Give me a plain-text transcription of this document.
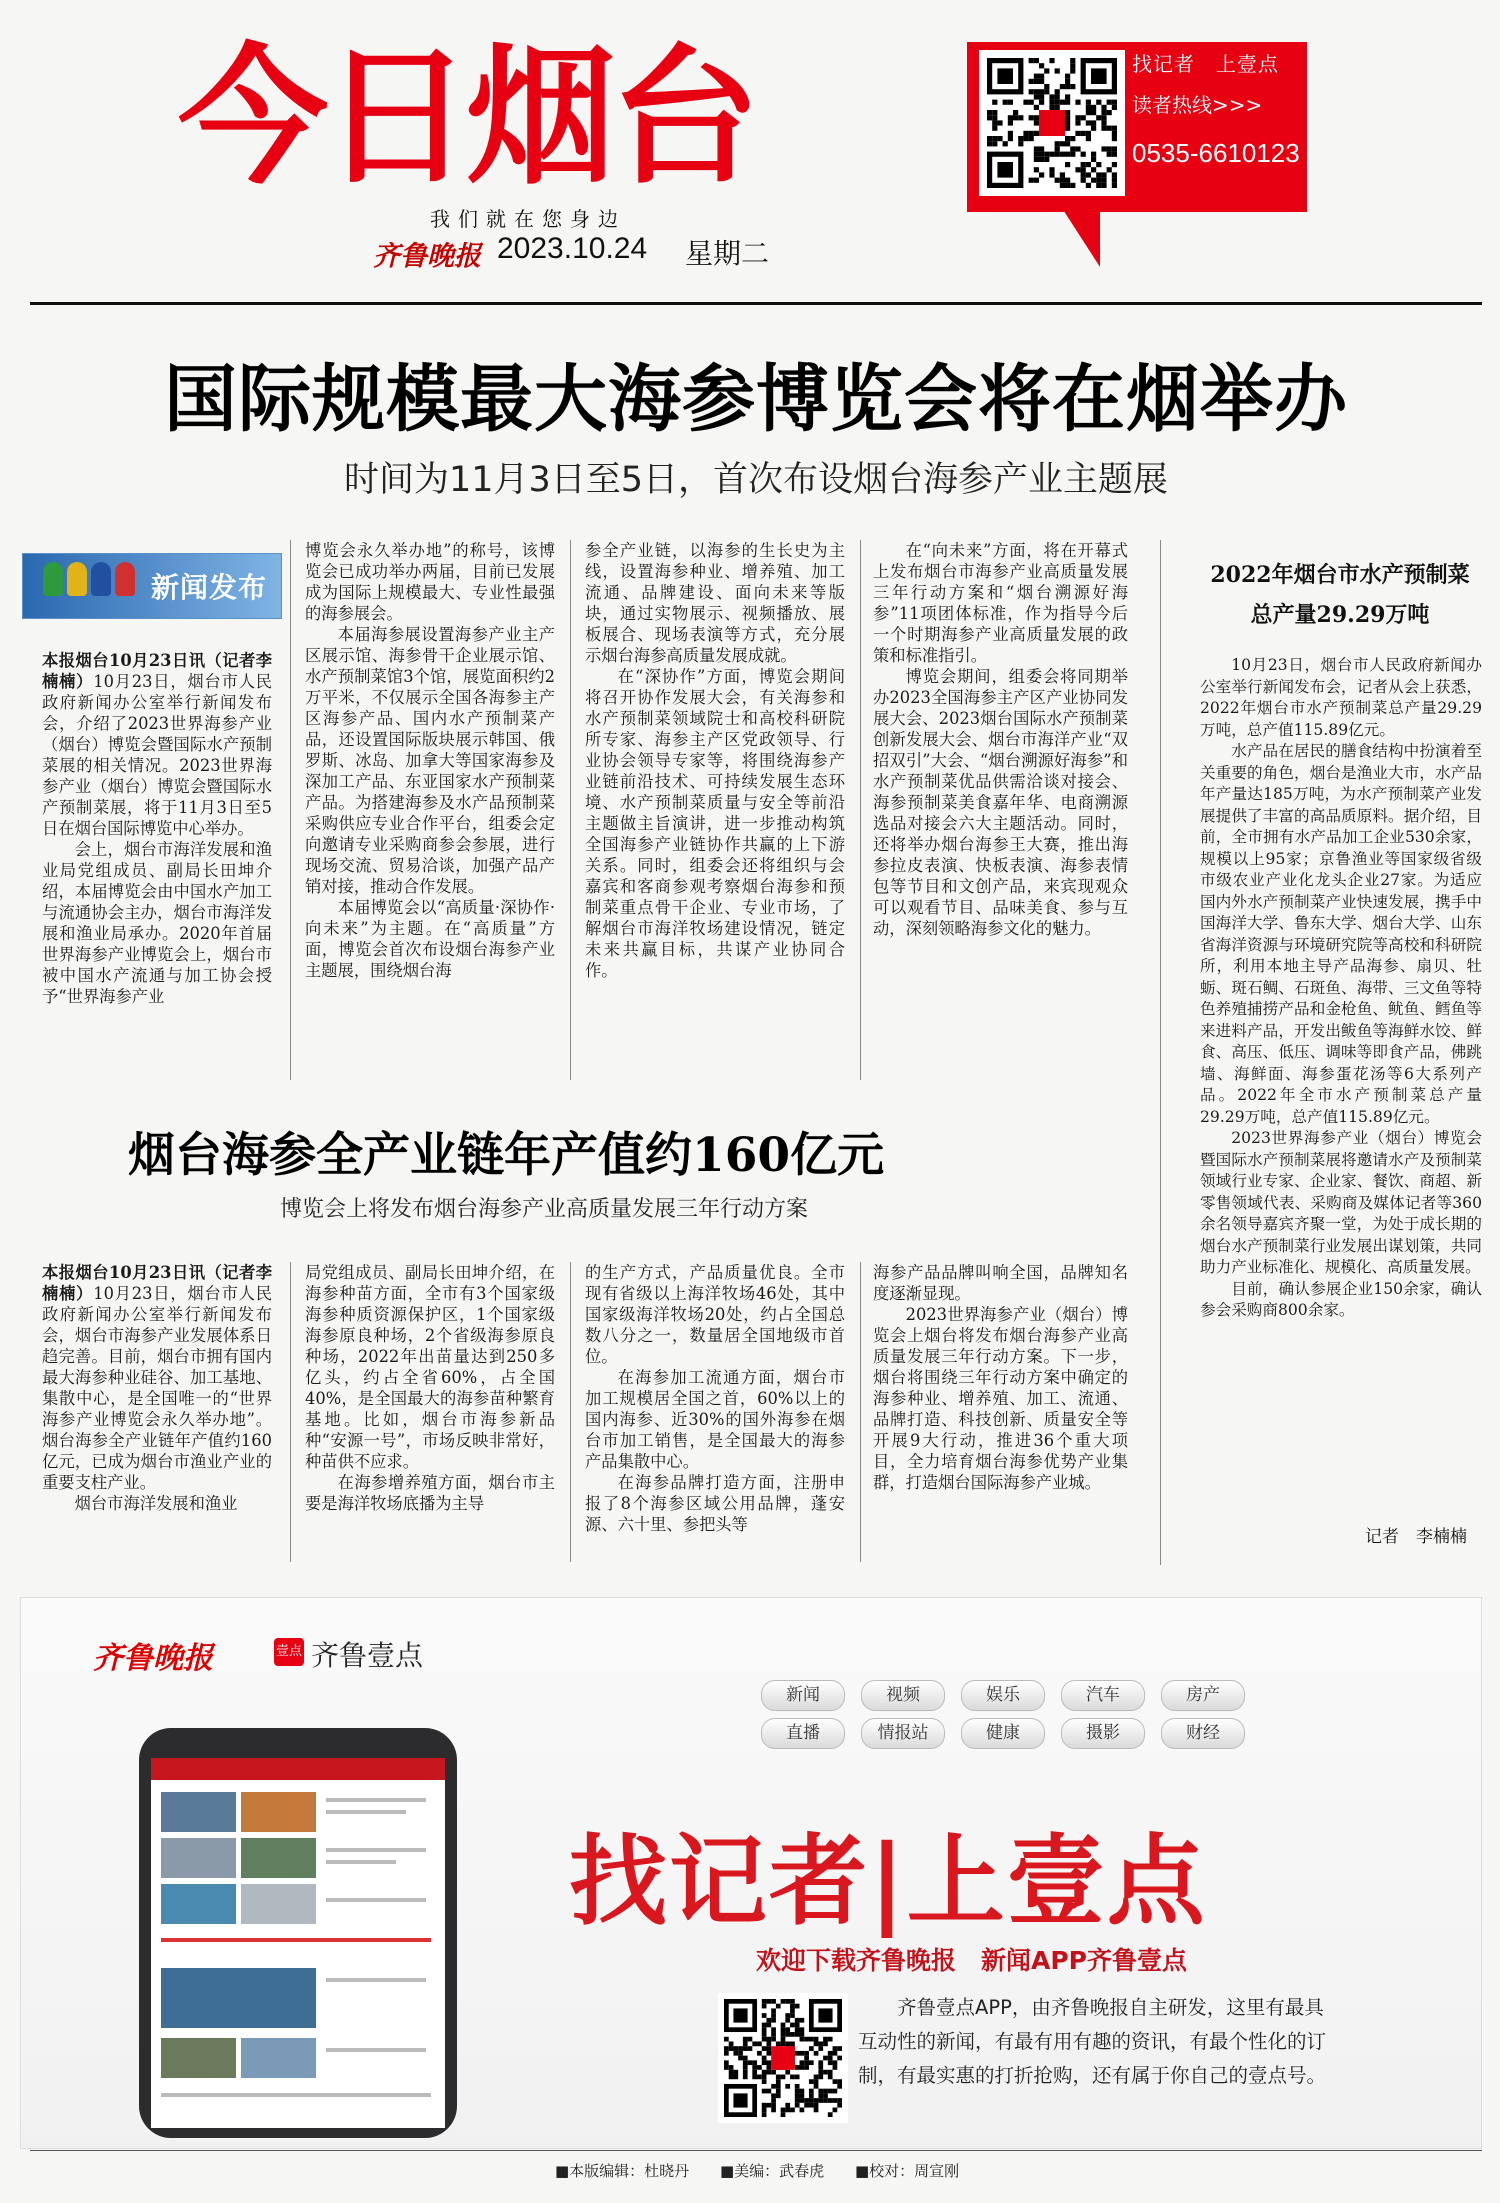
今日烟台
我们就在您身边
齐鲁晚报 2023.10.24 星期二
找记者　上壹点
读者热线>>>
0535-6610123
国际规模最大海参博览会将在烟举办
时间为11月3日至5日，首次布设烟台海参产业主题展
新闻发布

本报烟台10月23日讯（记者李楠楠）10月23日，烟台市人民政府新闻办公室举行新闻发布会，介绍了2023世界海参产业（烟台）博览会暨国际水产预制菜展的相关情况。2023世界海参产业（烟台）博览会暨国际水产预制菜展，将于11月3日至5日在烟台国际博览中心举办。

会上，烟台市海洋发展和渔业局党组成员、副局长田坤介绍，本届博览会由中国水产加工与流通协会主办，烟台市海洋发展和渔业局承办。2020年首届世界海参产业博览会上，烟台市被中国水产流通与加工协会授予“世界海参产业

博览会永久举办地”的称号，该博览会已成功举办两届，目前已发展成为国际上规模最大、专业性最强的海参展会。

本届海参展设置海参产业主产区展示馆、海参骨干企业展示馆、水产预制菜馆3个馆，展览面积约2万平米，不仅展示全国各海参主产区海参产品、国内水产预制菜产品，还设置国际版块展示韩国、俄罗斯、冰岛、加拿大等国家海参及深加工产品、东亚国家水产预制菜产品。为搭建海参及水产品预制菜采购供应专业合作平台，组委会定向邀请专业采购商参会参展，进行现场交流、贸易洽谈，加强产品产销对接，推动合作发展。

本届博览会以“高质量·深协作·向未来”为主题。在“高质量”方面，博览会首次布设烟台海参产业主题展，围绕烟台海

参全产业链，以海参的生长史为主线，设置海参种业、增养殖、加工流通、品牌建设、面向未来等版块，通过实物展示、视频播放、展板展合、现场表演等方式，充分展示烟台海参高质量发展成就。

在“深协作”方面，博览会期间将召开协作发展大会，有关海参和水产预制菜领域院士和高校科研院所专家、海参主产区党政领导、行业协会领导专家等，将围绕海参产业链前沿技术、可持续发展生态环境、水产预制菜质量与安全等前沿主题做主旨演讲，进一步推动构筑全国海参产业链协作共赢的上下游关系。同时，组委会还将组织与会嘉宾和客商参观考察烟台海参和预制菜重点骨干企业、专业市场，了解烟台市海洋牧场建设情况，链定未来共赢目标，共谋产业协同合作。

在“向未来”方面，将在开幕式上发布烟台市海参产业高质量发展三年行动方案和“烟台溯源好海参”11项团体标准，作为指导今后一个时期海参产业高质量发展的政策和标准指引。

博览会期间，组委会将同期举办2023全国海参主产区产业协同发展大会、2023烟台国际水产预制菜创新发展大会、烟台市海洋产业“双招双引”大会、“烟台溯源好海参”和水产预制菜优品供需洽谈对接会、海参预制菜美食嘉年华、电商溯源选品对接会六大主题活动。同时，还将举办烟台海参王大赛，推出海参拉皮表演、快板表演、海参表情包等节目和文创产品，来宾现观众可以观看节目、品味美食、参与互动，深刻领略海参文化的魅力。

2022年烟台市水产预制菜
总产量29.29万吨

10月23日，烟台市人民政府新闻办公室举行新闻发布会，记者从会上获悉，2022年烟台市水产预制菜总产量29.29万吨，总产值115.89亿元。

水产品在居民的膳食结构中扮演着至关重要的角色，烟台是渔业大市，水产品年产量达185万吨，为水产预制菜产业发展提供了丰富的高品质原料。据介绍，目前，全市拥有水产品加工企业530余家，规模以上95家；京鲁渔业等国家级省级市级农业产业化龙头企业27家。为适应国内外水产预制菜产业快速发展，携手中国海洋大学、鲁东大学、烟台大学、山东省海洋资源与环境研究院等高校和科研院所，利用本地主导产品海参、扇贝、牡蛎、斑石鲷、石斑鱼、海带、三文鱼等特色养殖捕捞产品和金枪鱼、鱿鱼、鳕鱼等来进料产品，开发出鲅鱼等海鲜水饺、鲜食、高压、低压、调味等即食产品，佛跳墙、海鲜面、海参蛋花汤等6大系列产品。2022年全市水产预制菜总产量29.29万吨，总产值115.89亿元。

2023世界海参产业（烟台）博览会暨国际水产预制菜展将邀请水产及预制菜领域行业专家、企业家、餐饮、商超、新零售领域代表、采购商及媒体记者等360余名领导嘉宾齐聚一堂，为处于成长期的烟台水产预制菜行业发展出谋划策，共同助力产业标准化、规模化、高质量发展。

目前，确认参展企业150余家，确认参会采购商800余家。

记者　李楠楠
烟台海参全产业链年产值约160亿元
博览会上将发布烟台海参产业高质量发展三年行动方案

本报烟台10月23日讯（记者李楠楠）10月23日，烟台市人民政府新闻办公室举行新闻发布会，烟台市海参产业发展体系日趋完善。目前，烟台市拥有国内最大海参种业硅谷、加工基地、集散中心，是全国唯一的“世界海参产业博览会永久举办地”。烟台海参全产业链年产值约160亿元，已成为烟台市渔业产业的重要支柱产业。

烟台市海洋发展和渔业

局党组成员、副局长田坤介绍，在海参种苗方面，全市有3个国家级海参种质资源保护区，1个国家级海参原良种场，2个省级海参原良种场，2022年出苗量达到250多亿头，约占全省60%，占全国40%，是全国最大的海参苗种繁育基地。比如，烟台市海参新品种“安源一号”，市场反映非常好，种苗供不应求。

在海参增养殖方面，烟台市主要是海洋牧场底播为主导

的生产方式，产品质量优良。全市现有省级以上海洋牧场46处，其中国家级海洋牧场20处，约占全国总数八分之一，数量居全国地级市首位。

在海参加工流通方面，烟台市加工规模居全国之首，60%以上的国内海参、近30%的国外海参在烟台市加工销售，是全国最大的海参产品集散中心。

在海参品牌打造方面，注册申报了8个海参区域公用品牌，蓬安源、六十里、参把头等

海参产品品牌叫响全国，品牌知名度逐渐显现。

2023世界海参产业（烟台）博览会上烟台将发布烟台海参产业高质量发展三年行动方案。下一步，烟台将围绕三年行动方案中确定的海参种业、增养殖、加工、流通、品牌打造、科技创新、质量安全等开展9大行动，推进36个重大项目，全力培育烟台海参优势产业集群，打造烟台国际海参产业城。

齐鲁晚报	壹点 齐鲁壹点
新闻	视频	娱乐	汽车	房产
直播	情报站	健康	摄影	财经
找记者|上壹点
欢迎下载齐鲁晚报　新闻APP齐鲁壹点

齐鲁壹点APP，由齐鲁晚报自主研发，这里有最具互动性的新闻，有最有用有趣的资讯，有最个性化的订制，有最实惠的打折抢购，还有属于你自己的壹点号。

■本版编辑：杜晓丹 ■美编：武春虎 ■校对：周宣刚
